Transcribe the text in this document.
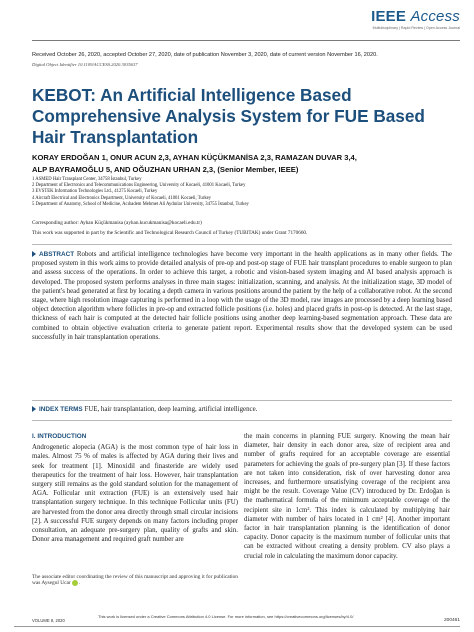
IEEE Access
Multidisciplinary | Rapid Review | Open Access Journal
Received October 26, 2020, accepted October 27, 2020, date of publication November 3, 2020, date of current version November 16, 2020.
Digital Object Identifier 10.1109/ACCESS.2020.3035637
KEBOT: An Artificial Intelligence Based Comprehensive Analysis System for FUE Based Hair Transplantation
KORAY ERDOĞAN 1, ONUR ACUN 2,3, AYHAN KÜÇÜKMANİSA 2,3, RAMAZAN DUVAR 3,4,
ALP BAYRAMOĞLU 5, AND OĞUZHAN URHAN 2,3, (Senior Member, IEEE)
1 ASMED Hair Transplant Center, 34758 İstanbul, Turkey
2 Department of Electronics and Telecommunications Engineering, University of Kocaeli, 41001 Kocaeli, Turkey
3 EVSTEK Information Technologies Ltd., 41275 Kocaeli, Turkey
4 Aircraft Electrical and Electronics Department, University of Kocaeli, 41001 Kocaeli, Turkey
5 Department of Anatomy, School of Medicine, Acıbadem Mehmet Ali Aydınlar University, 34755 İstanbul, Turkey
Corresponding author: Ayhan Küçükmanisa (ayhan.kucukmanisa@kocaeli.edu.tr)
This work was supported in part by the Scientific and Technological Research Council of Turkey (TUBITAK) under Grant 7170660.
ABSTRACT Robots and artificial intelligence technologies have become very important in the health applications as in many other fields. The proposed system in this work aims to provide detailed analysis of pre-op and post-op stage of FUE hair transplant procedures to enable surgeon to plan and assess success of the operations. In order to achieve this target, a robotic and vision-based system imaging and AI based analysis approach is developed. The proposed system performs analyses in three main stages: initialization, scanning, and analysis. At the initialization stage, 3D model of the patient's head generated at first by locating a depth camera in various positions around the patient by the help of a collaborative robot. At the second stage, where high resolution image capturing is performed in a loop with the usage of the 3D model, raw images are processed by a deep learning based object detection algorithm where follicles in pre-op and extracted follicle positions (i.e. holes) and placed grafts in post-op is detected. At the last stage, thickness of each hair is computed at the detected hair follicle positions using another deep learning-based segmentation approach. These data are combined to obtain objective evaluation criteria to generate patient report. Experimental results show that the developed system can be used successfully in hair transplantation operations.
INDEX TERMS FUE, hair transplantation, deep learning, artificial intelligence.
I. INTRODUCTION

Androgenetic alopecia (AGA) is the most common type of hair loss in males. Almost 75 % of males is affected by AGA during their lives and seek for treatment [1]. Minoxidil and finasteride are widely used therapeutics for the treatment of hair loss. However, hair transplantation surgery still remains as the gold standard solution for the management of AGA. Follicular unit extraction (FUE) is an extensively used hair transplantation surgery technique. In this technique Follicular units (FU) are harvested from the donor area directly through small circular incisions [2]. A successful FUE surgery depends on many factors including proper consultation, an adequate pre-surgery plan, quality of grafts and skin. Donor area management and required graft number are

the main concerns in planning FUE surgery. Knowing the mean hair diameter, hair density in each donor area, size of recipient area and number of grafts required for an acceptable coverage are essential parameters for achieving the goals of pre-surgery plan [3]. If these factors are not taken into consideration, risk of over harvesting donor area increases, and furthermore unsatisfying coverage of the recipient area might be the result. Coverage Value (CV) introduced by Dr. Erdoğan is the mathematical formula of the minimum acceptable coverage of the recipient site in 1cm². This index is calculated by multiplying hair diameter with number of hairs located in 1 cm² [4]. Another important factor in hair transplantation planning is the identification of donor capacity. Donor capacity is the maximum number of follicular units that can be extracted without creating a density problem. CV also plays a crucial role in calculating the maximum donor capacity.

The associate editor coordinating the review of this manuscript and approving it for publication was Aysegul Ucar .
VOLUME 8, 2020
This work is licensed under a Creative Commons Attribution 4.0 License. For more information, see https://creativecommons.org/licenses/by/4.0/
200461
